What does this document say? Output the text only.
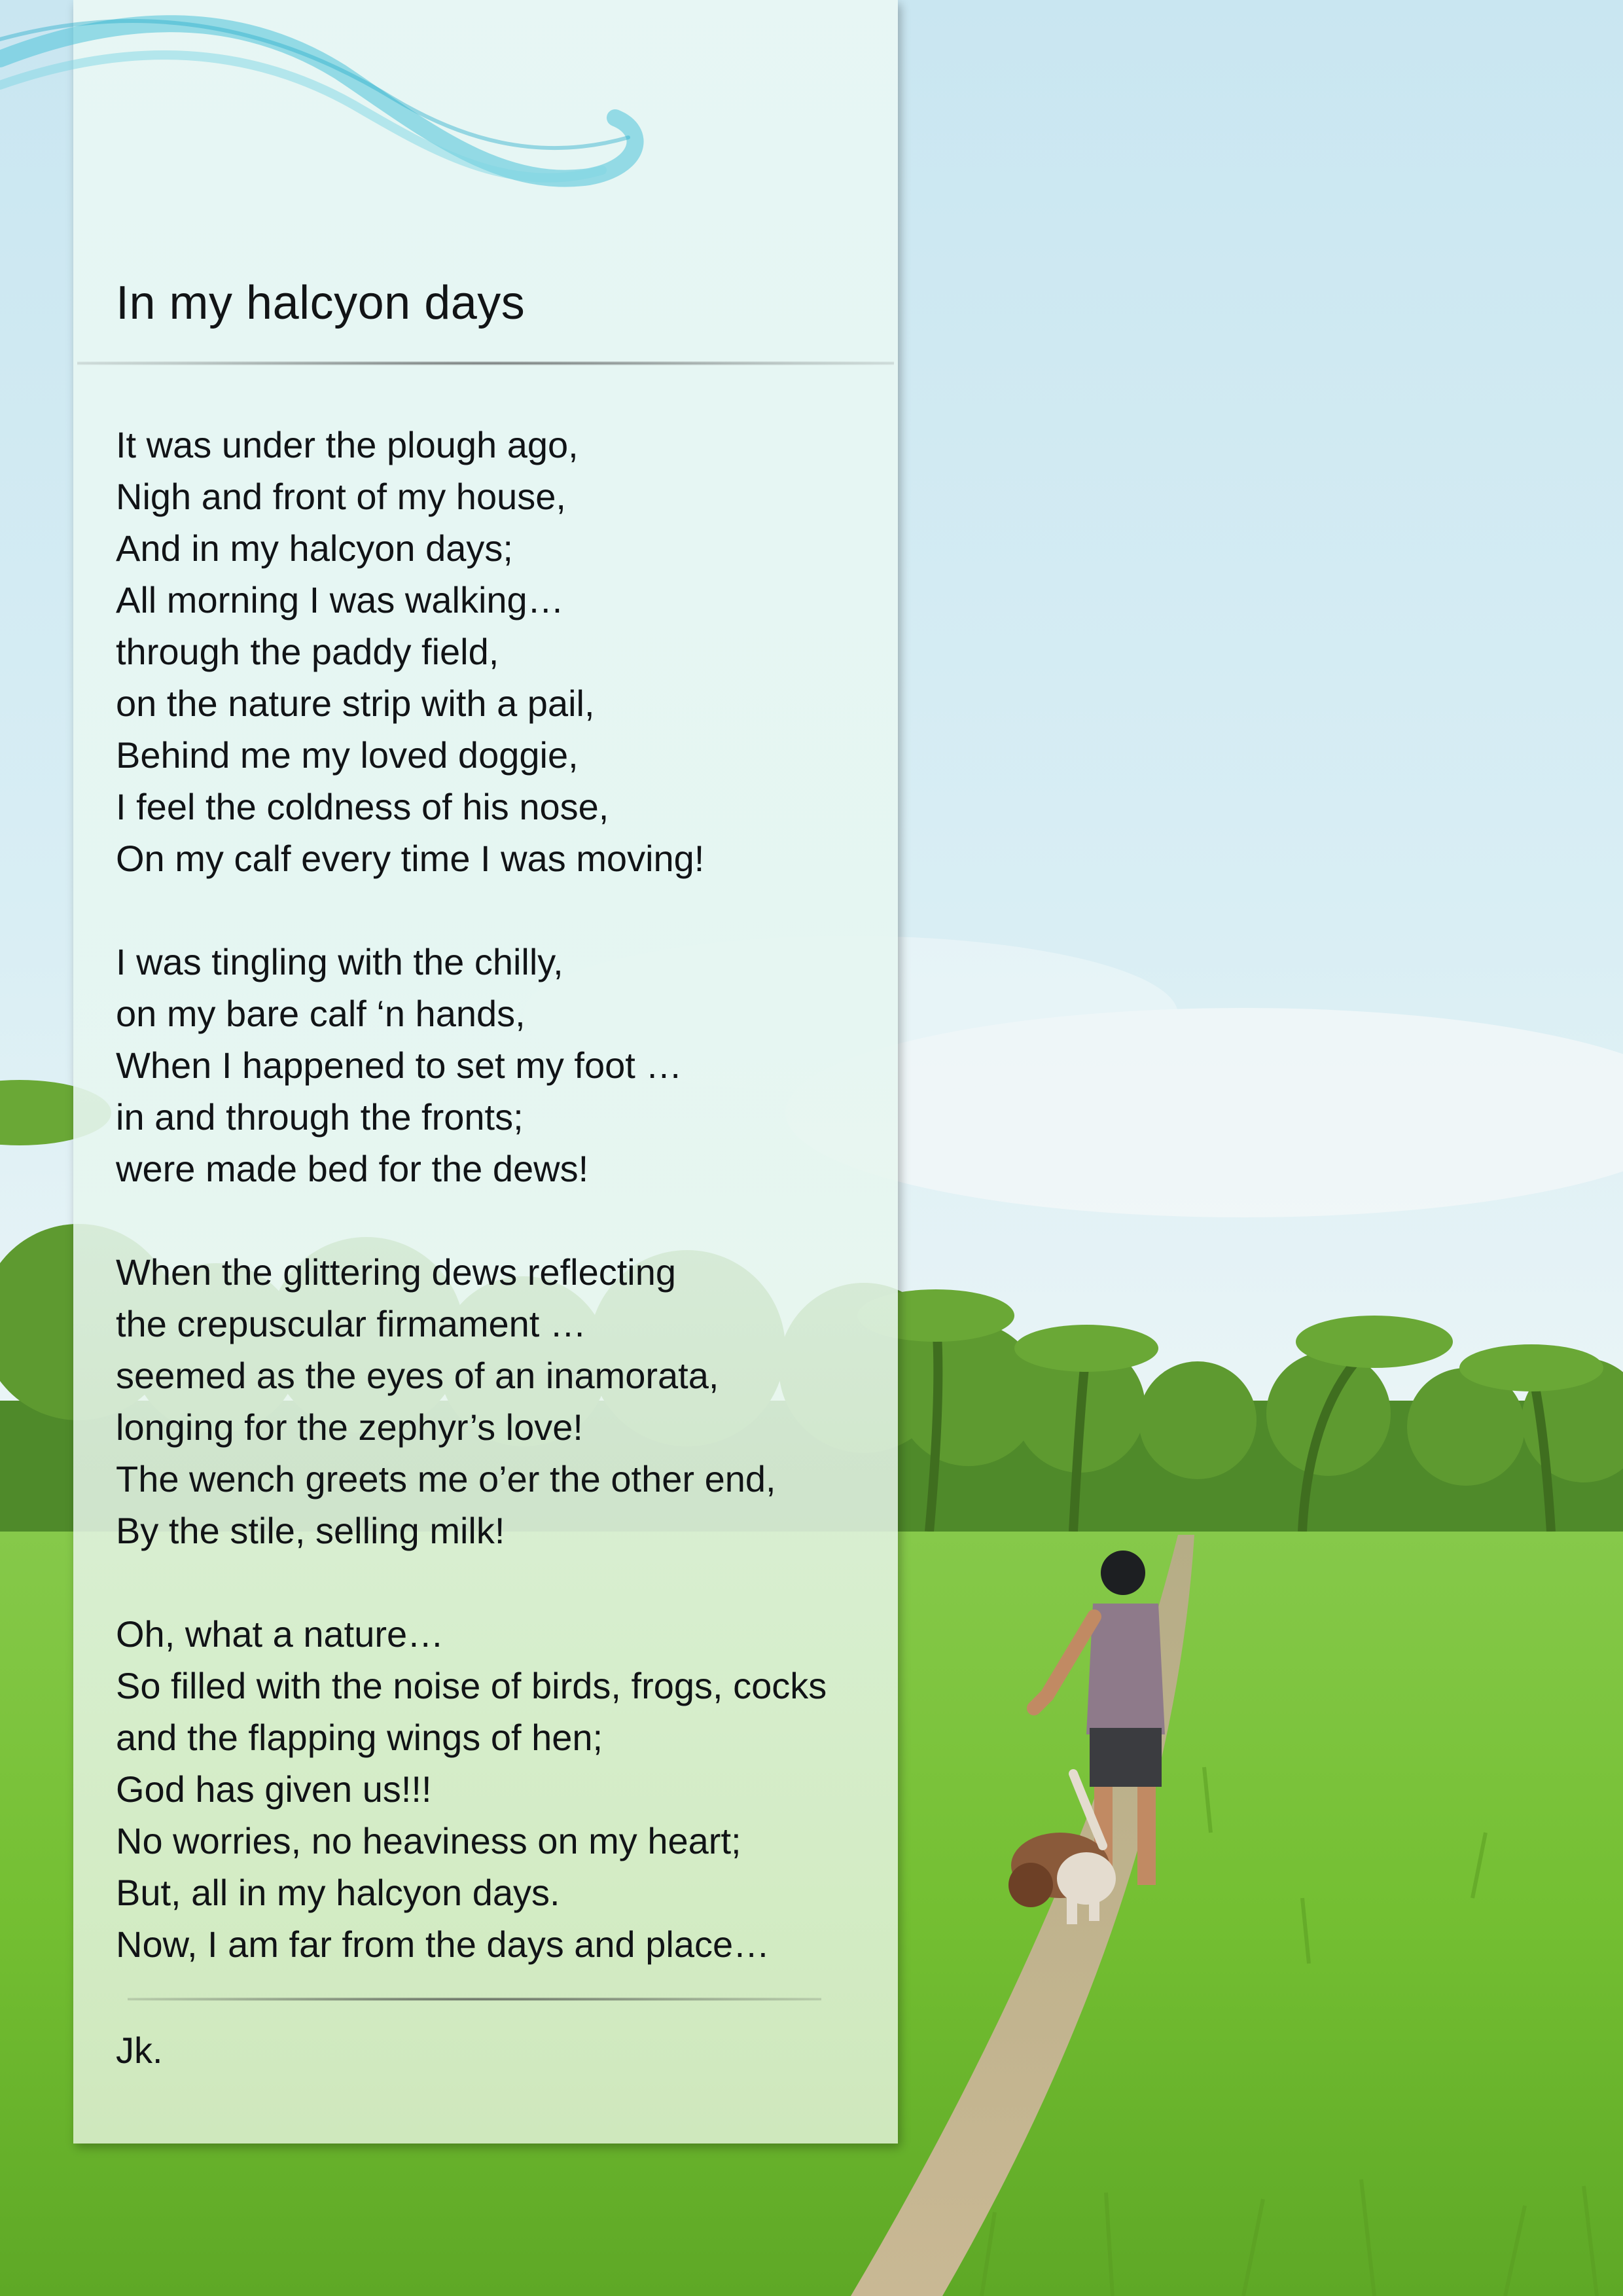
In my halcyon days

It was under the plough ago,
Nigh and front of my house,
And in my halcyon days;
All morning I was walking…
through the paddy field,
on the nature strip with a pail,
Behind me my loved doggie,
I feel the coldness of his nose,
On my calf every time I was moving!

I was tingling with the chilly,
on my bare calf ‘n hands,
When I happened to set my foot …
in and through the fronts;
were made bed for the dews!

When the glittering dews reflecting
the crepuscular firmament …
seemed as the eyes of an inamorata,
longing for the zephyr’s love!
The wench greets me o’er the other end,
By the stile, selling milk!

Oh, what a nature…
So filled with the noise of birds, frogs, cocks
and the flapping wings of hen;
God has given us!!!
No worries, no heaviness on my heart;
But, all in my halcyon days.
Now, I am far from the days and place…

Jk.
